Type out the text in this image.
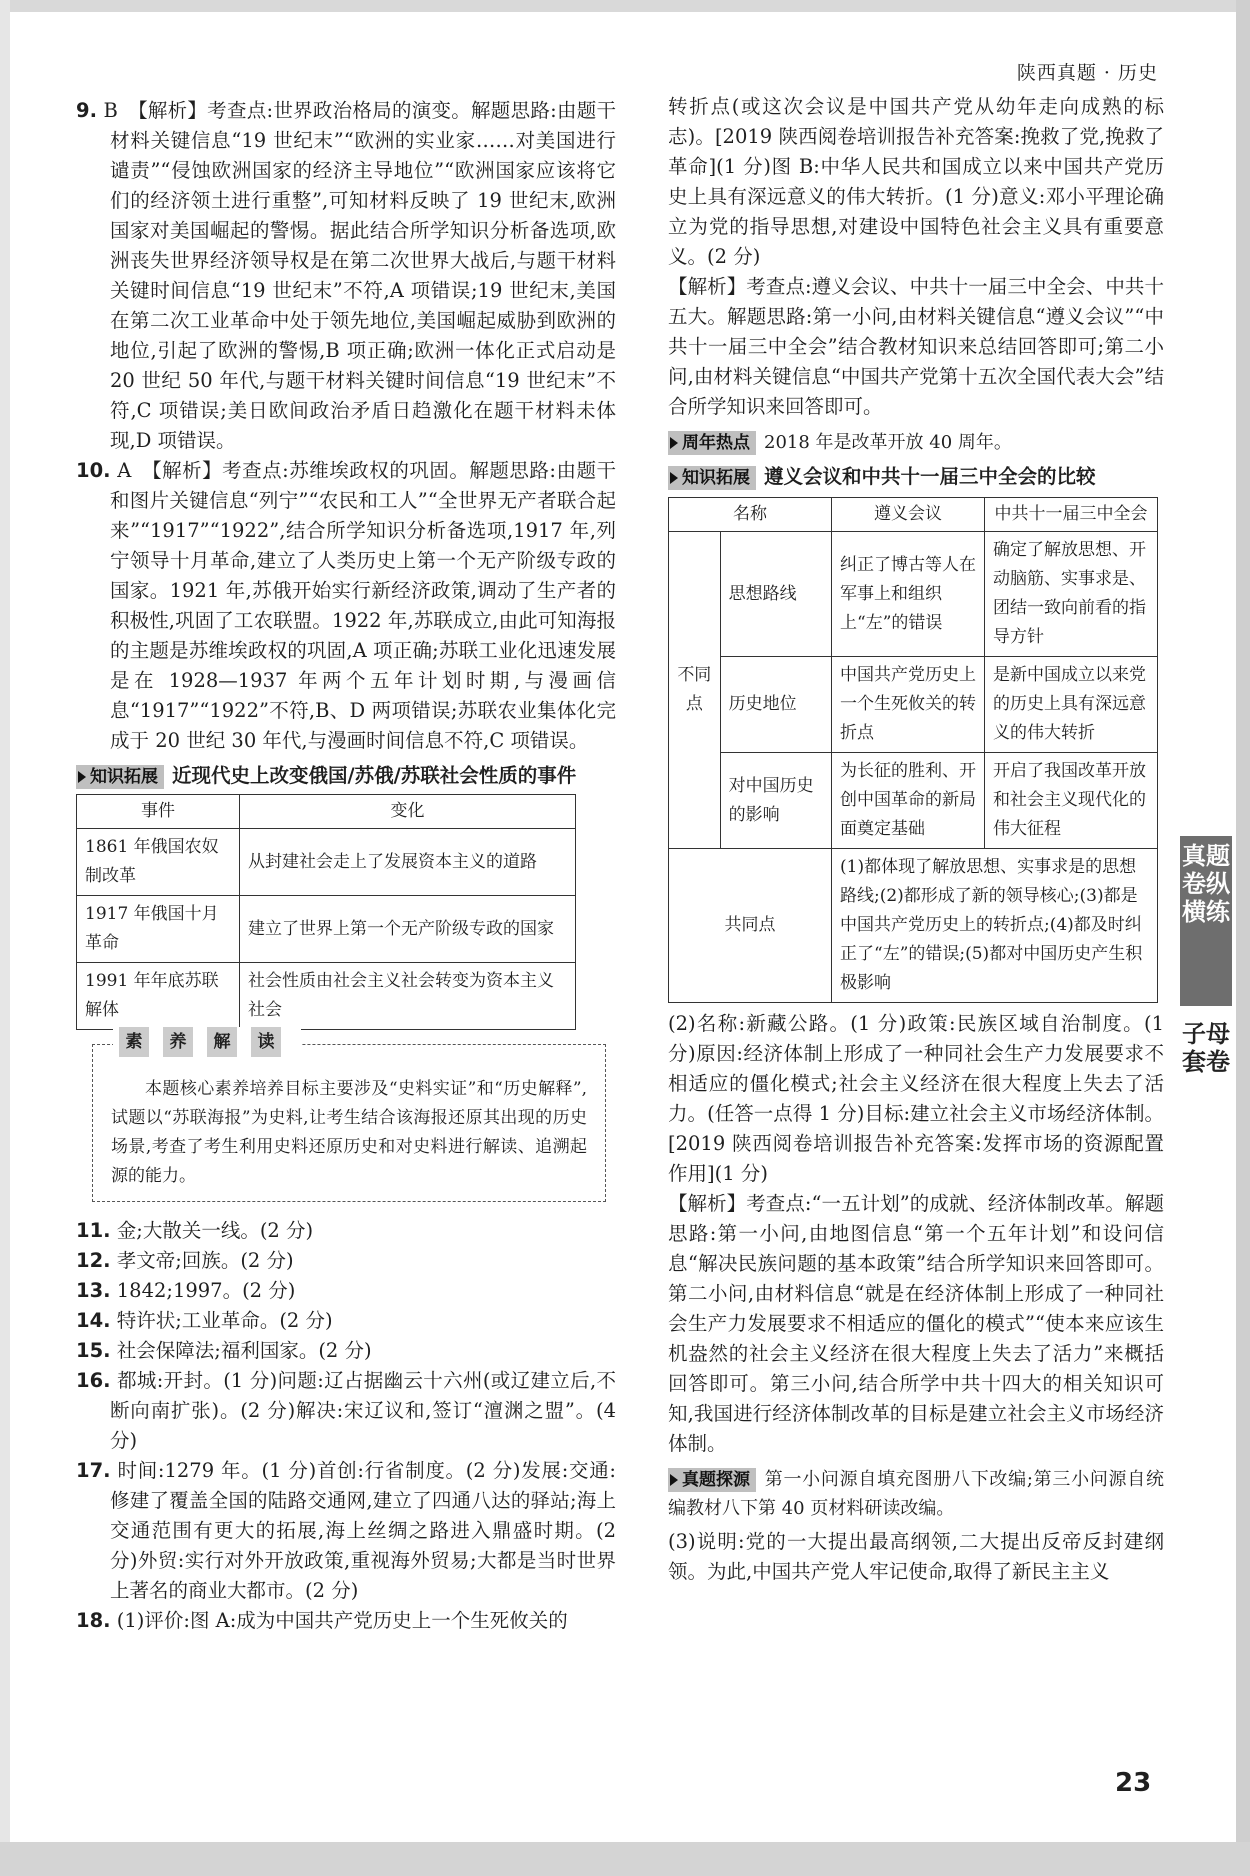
陕西真题 · 历史

9. B　【解析】考查点:世界政治格局的演变。解题思路:由题干材料关键信息“19 世纪末”“欧洲的实业家……对美国进行谴责”“侵蚀欧洲国家的经济主导地位”“欧洲国家应该将它们的经济领土进行重整”,可知材料反映了 19 世纪末,欧洲国家对美国崛起的警惕。据此结合所学知识分析备选项,欧洲丧失世界经济领导权是在第二次世界大战后,与题干材料关键时间信息“19 世纪末”不符,A 项错误;19 世纪末,美国在第二次工业革命中处于领先地位,美国崛起威胁到欧洲的地位,引起了欧洲的警惕,B 项正确;欧洲一体化正式启动是 20 世纪 50 年代,与题干材料关键时间信息“19 世纪末”不符,C 项错误;美日欧间政治矛盾日趋激化在题干材料未体现,D 项错误。

10. A　【解析】考查点:苏维埃政权的巩固。解题思路:由题干和图片关键信息“列宁”“农民和工人”“全世界无产者联合起来”“1917”“1922”,结合所学知识分析备选项,1917 年,列宁领导十月革命,建立了人类历史上第一个无产阶级专政的国家。1921 年,苏俄开始实行新经济政策,调动了生产者的积极性,巩固了工农联盟。1922 年,苏联成立,由此可知海报的主题是苏维埃政权的巩固,A 项正确;苏联工业化迅速发展是在 1928—1937 年两个五年计划时期,与漫画信息“1917”“1922”不符,B、D 两项错误;苏联农业集体化完成于 20 世纪 30 年代,与漫画时间信息不符,C 项错误。

知识拓展 近现代史上改变俄国/苏俄/苏联社会性质的事件
事件	变化
1861 年俄国农奴制改革	从封建社会走上了发展资本主义的道路
1917 年俄国十月革命	建立了世界上第一个无产阶级专政的国家
1991 年年底苏联解体	社会性质由社会主义社会转变为资本主义社会
素 养 解 读
本题核心素养培养目标主要涉及“史料实证”和“历史解释”,试题以“苏联海报”为史料,让考生结合该海报还原其出现的历史场景,考查了考生利用史料还原历史和对史料进行解读、追溯起源的能力。

11. 金;大散关一线。(2 分)

12. 孝文帝;回族。(2 分)

13. 1842;1997。(2 分)

14. 特许状;工业革命。(2 分)

15. 社会保障法;福利国家。(2 分)

16. 都城:开封。(1 分)问题:辽占据幽云十六州(或辽建立后,不断向南扩张)。(2 分)解决:宋辽议和,签订“澶渊之盟”。(4 分)

17. 时间:1279 年。(1 分)首创:行省制度。(2 分)发展:交通:修建了覆盖全国的陆路交通网,建立了四通八达的驿站;海上交通范围有更大的拓展,海上丝绸之路进入鼎盛时期。(2 分)外贸:实行对外开放政策,重视海外贸易;大都是当时世界上著名的商业大都市。(2 分)

18. (1)评价:图 A:成为中国共产党历史上一个生死攸关的

转折点(或这次会议是中国共产党从幼年走向成熟的标志)。[2019 陕西阅卷培训报告补充答案:挽救了党,挽救了革命](1 分)图 B:中华人民共和国成立以来中国共产党历史上具有深远意义的伟大转折。(1 分)意义:邓小平理论确立为党的指导思想,对建设中国特色社会主义具有重要意义。(2 分)

【解析】考查点:遵义会议、中共十一届三中全会、中共十五大。解题思路:第一小问,由材料关键信息“遵义会议”“中共十一届三中全会”结合教材知识来总结回答即可;第二小问,由材料关键信息“中国共产党第十五次全国代表大会”结合所学知识来回答即可。

周年热点 2018 年是改革开放 40 周年。
知识拓展 遵义会议和中共十一届三中全会的比较
名称		遵义会议	中共十一届三中全会
不同点	思想路线	纠正了博古等人在军事上和组织上“左”的错误	确定了解放思想、开动脑筋、实事求是、团结一致向前看的指导方针
	历史地位	中国共产党历史上一个生死攸关的转折点	是新中国成立以来党的历史上具有深远意义的伟大转折
	对中国历史的影响	为长征的胜利、开创中国革命的新局面奠定基础	开启了我国改革开放和社会主义现代化的伟大征程
共同点		(1)都体现了解放思想、实事求是的思想路线;(2)都形成了新的领导核心;(3)都是中国共产党历史上的转折点;(4)都及时纠正了“左”的错误;(5)都对中国历史产生积极影响	

(2)名称:新藏公路。(1 分)政策:民族区域自治制度。(1 分)原因:经济体制上形成了一种同社会生产力发展要求不相适应的僵化模式;社会主义经济在很大程度上失去了活力。(任答一点得 1 分)目标:建立社会主义市场经济体制。[2019 陕西阅卷培训报告补充答案:发挥市场的资源配置作用](1 分)

【解析】考查点:“一五计划”的成就、经济体制改革。解题思路:第一小问,由地图信息“第一个五年计划”和设问信息“解决民族问题的基本政策”结合所学知识来回答即可。第二小问,由材料信息“就是在经济体制上形成了一种同社会生产力发展要求不相适应的僵化的模式”“使本来应该生机盎然的社会主义经济在很大程度上失去了活力”来概括回答即可。第三小问,结合所学中共十四大的相关知识可知,我国进行经济体制改革的目标是建立社会主义市场经济体制。

真题探源 第一小问源自填充图册八下改编;第三小问源自统编教材八下第 40 页材料研读改编。

(3)说明:党的一大提出最高纲领,二大提出反帝反封建纲领。为此,中国共产党人牢记使命,取得了新民主主义

真题卷纵横练
子母套卷
23
